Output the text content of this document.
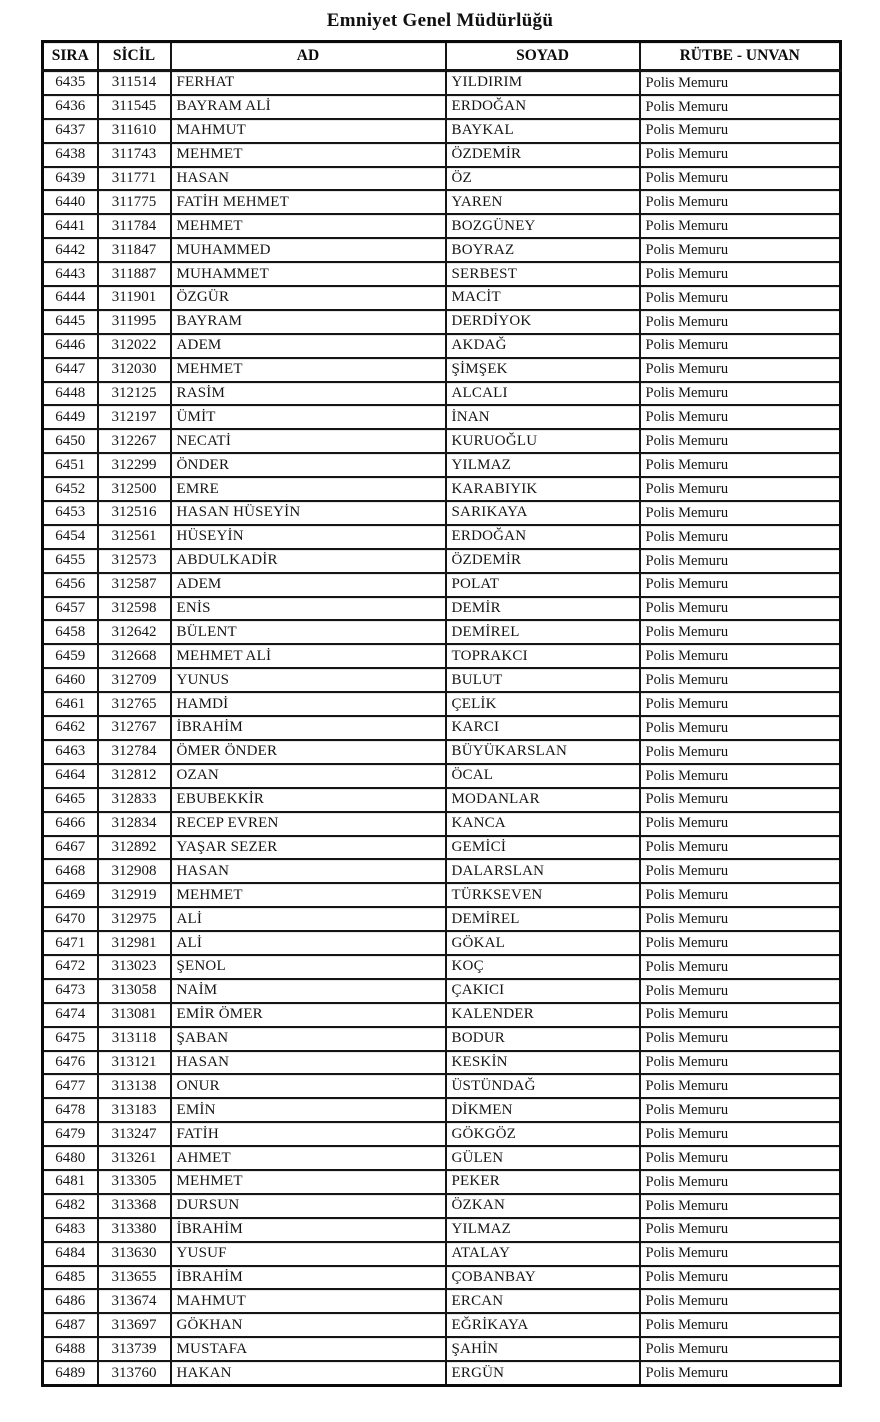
Emniyet Genel Müdürlüğü
SIRA	SİCİL	AD	SOYAD	RÜTBE - UNVAN
6435	311514	FERHAT	YILDIRIM	Polis Memuru
6436	311545	BAYRAM ALİ	ERDOĞAN	Polis Memuru
6437	311610	MAHMUT	BAYKAL	Polis Memuru
6438	311743	MEHMET	ÖZDEMİR	Polis Memuru
6439	311771	HASAN	ÖZ	Polis Memuru
6440	311775	FATİH MEHMET	YAREN	Polis Memuru
6441	311784	MEHMET	BOZGÜNEY	Polis Memuru
6442	311847	MUHAMMED	BOYRAZ	Polis Memuru
6443	311887	MUHAMMET	SERBEST	Polis Memuru
6444	311901	ÖZGÜR	MACİT	Polis Memuru
6445	311995	BAYRAM	DERDİYOK	Polis Memuru
6446	312022	ADEM	AKDAĞ	Polis Memuru
6447	312030	MEHMET	ŞİMŞEK	Polis Memuru
6448	312125	RASİM	ALCALI	Polis Memuru
6449	312197	ÜMİT	İNAN	Polis Memuru
6450	312267	NECATİ	KURUOĞLU	Polis Memuru
6451	312299	ÖNDER	YILMAZ	Polis Memuru
6452	312500	EMRE	KARABIYIK	Polis Memuru
6453	312516	HASAN HÜSEYİN	SARIKAYA	Polis Memuru
6454	312561	HÜSEYİN	ERDOĞAN	Polis Memuru
6455	312573	ABDULKADİR	ÖZDEMİR	Polis Memuru
6456	312587	ADEM	POLAT	Polis Memuru
6457	312598	ENİS	DEMİR	Polis Memuru
6458	312642	BÜLENT	DEMİREL	Polis Memuru
6459	312668	MEHMET ALİ	TOPRAKCI	Polis Memuru
6460	312709	YUNUS	BULUT	Polis Memuru
6461	312765	HAMDİ	ÇELİK	Polis Memuru
6462	312767	İBRAHİM	KARCI	Polis Memuru
6463	312784	ÖMER ÖNDER	BÜYÜKARSLAN	Polis Memuru
6464	312812	OZAN	ÖCAL	Polis Memuru
6465	312833	EBUBEKKİR	MODANLAR	Polis Memuru
6466	312834	RECEP EVREN	KANCA	Polis Memuru
6467	312892	YAŞAR SEZER	GEMİCİ	Polis Memuru
6468	312908	HASAN	DALARSLAN	Polis Memuru
6469	312919	MEHMET	TÜRKSEVEN	Polis Memuru
6470	312975	ALİ	DEMİREL	Polis Memuru
6471	312981	ALİ	GÖKAL	Polis Memuru
6472	313023	ŞENOL	KOÇ	Polis Memuru
6473	313058	NAİM	ÇAKICI	Polis Memuru
6474	313081	EMİR ÖMER	KALENDER	Polis Memuru
6475	313118	ŞABAN	BODUR	Polis Memuru
6476	313121	HASAN	KESKİN	Polis Memuru
6477	313138	ONUR	ÜSTÜNDAĞ	Polis Memuru
6478	313183	EMİN	DİKMEN	Polis Memuru
6479	313247	FATİH	GÖKGÖZ	Polis Memuru
6480	313261	AHMET	GÜLEN	Polis Memuru
6481	313305	MEHMET	PEKER	Polis Memuru
6482	313368	DURSUN	ÖZKAN	Polis Memuru
6483	313380	İBRAHİM	YILMAZ	Polis Memuru
6484	313630	YUSUF	ATALAY	Polis Memuru
6485	313655	İBRAHİM	ÇOBANBAY	Polis Memuru
6486	313674	MAHMUT	ERCAN	Polis Memuru
6487	313697	GÖKHAN	EĞRİKAYA	Polis Memuru
6488	313739	MUSTAFA	ŞAHİN	Polis Memuru
6489	313760	HAKAN	ERGÜN	Polis Memuru
